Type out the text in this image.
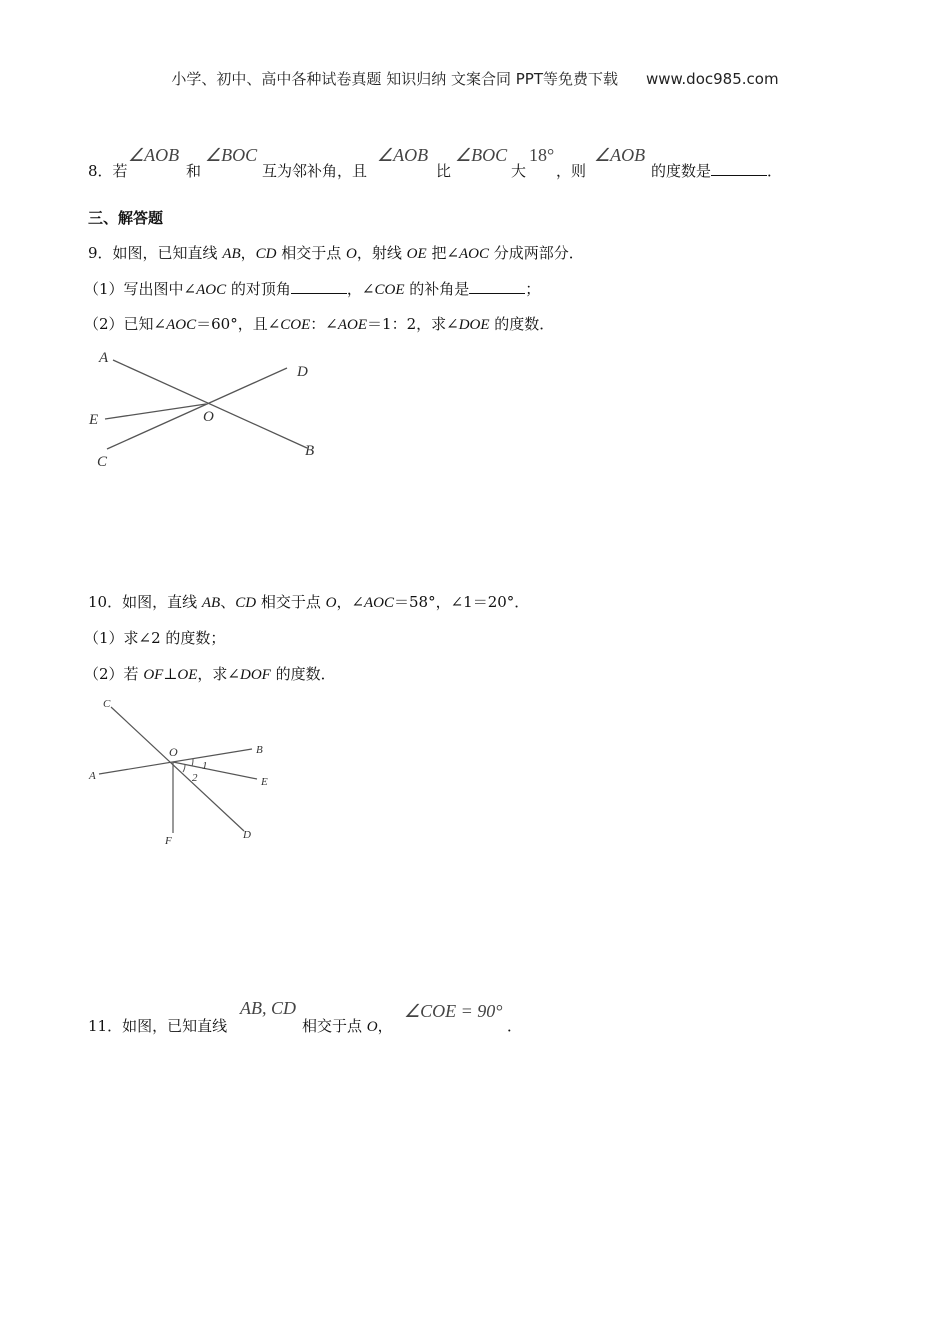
小学、初中、高中各种试卷真题 知识归纳 文案合同 PPT等免费下载 www.doc985.com
8．若
∠AOB
和
∠BOC
互为邻补角，且
∠AOB
比
∠BOC
大
18°
，则
∠AOB
的度数是	．
三、解答题
9．如图，已知直线 AB，CD 相交于点 O，射线 OE 把∠AOC 分成两部分．
（1）写出图中∠AOC 的对顶角	，∠COE 的补角是	；
（2）已知∠AOC＝60°，且∠COE：∠AOE＝1：2，求∠DOE 的度数．
A
D
E	O
C
B
10．如图，直线 AB、CD 相交于点 O，∠AOC＝58°，∠1＝20°．
（1）求∠2 的度数；
（2）若 OF⊥OE，求∠DOF 的度数．
C
O	B
A
1
2	E
F	D
11．如图，已知直线
AB, CD
相交于点 O，
∠COE = 90°
．
